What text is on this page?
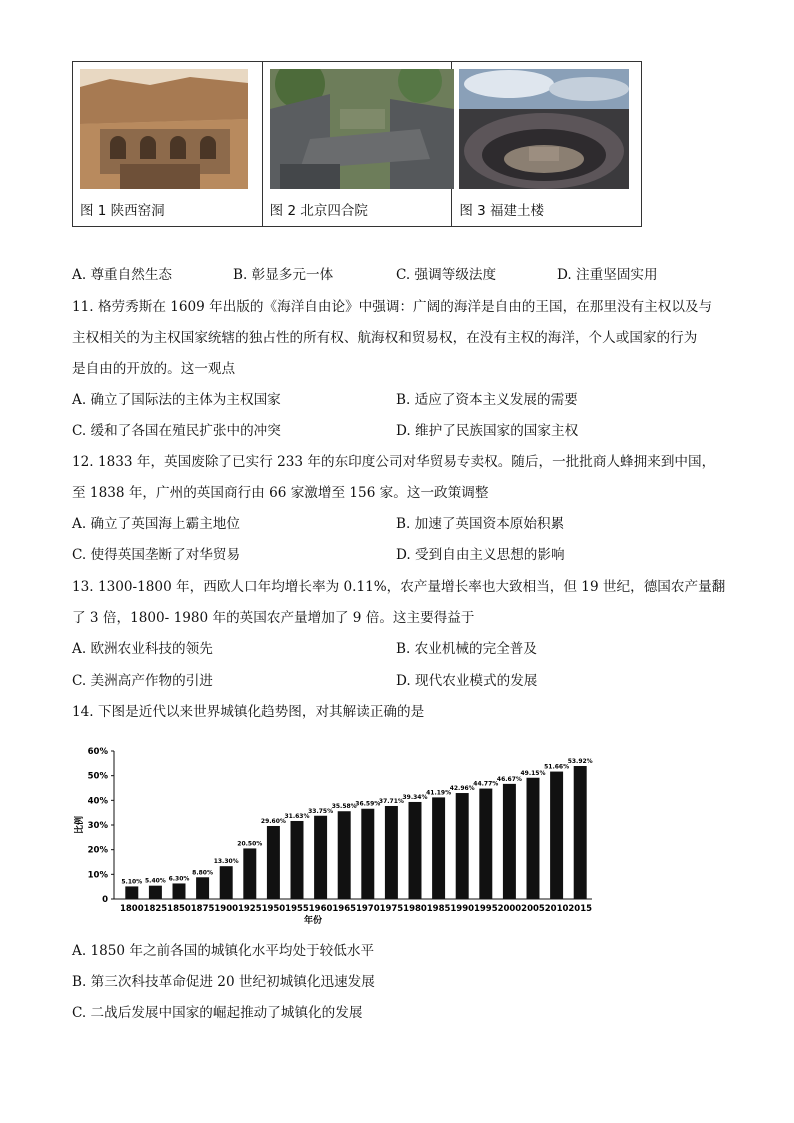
图 1 陕西窑洞	图 2 北京四合院	图 3 福建土楼
A. 尊重自然生态	B. 彰显多元一体	C. 强调等级法度	D. 注重坚固实用
11. 格劳秀斯在 1609 年出版的《海洋自由论》中强调：广阔的海洋是自由的王国，在那里没有主权以及与
主权相关的为主权国家统辖的独占性的所有权、航海权和贸易权，在没有主权的海洋，个人或国家的行为
是自由的开放的。这一观点
A. 确立了国际法的主体为主权国家	B. 适应了资本主义发展的需要
C. 缓和了各国在殖民扩张中的冲突	D. 维护了民族国家的国家主权
12. 1833 年，英国废除了已实行 233 年的东印度公司对华贸易专卖权。随后，一批批商人蜂拥来到中国，
至 1838 年，广州的英国商行由 66 家激增至 156 家。这一政策调整
A. 确立了英国海上霸主地位	B. 加速了英国资本原始积累
C. 使得英国垄断了对华贸易	D. 受到自由主义思想的影响
13. 1300-1800 年，西欧人口年均增长率为 0.11%，农产量增长率也大致相当，但 19 世纪，德国农产量翻
了 3 倍，1800- 1980 年的英国农产量增加了 9 倍。这主要得益于
A. 欧洲农业科技的领先	B. 农业机械的完全普及
C. 美洲高产作物的引进	D. 现代农业模式的发展
14. 下图是近代以来世界城镇化趋势图，对其解读正确的是
0
10%
20%
30%
40%
50%
60%
比例
5.10%
1800
5.40%
1825
6.30%
1850
8.80%
1875
13.30%
1900
20.50%
1925
29.60%
1950
31.63%
1955
33.75%
1960
35.58%
1965
36.59%
1970
37.71%
1975
39.34%
1980
41.19%
1985
42.96%
1990
44.77%
1995
46.67%
2000
49.15%
2005
51.66%
2010
53.92%
2015
年份
A. 1850 年之前各国的城镇化水平均处于较低水平
B. 第三次科技革命促进 20 世纪初城镇化迅速发展
C. 二战后发展中国家的崛起推动了城镇化的发展
